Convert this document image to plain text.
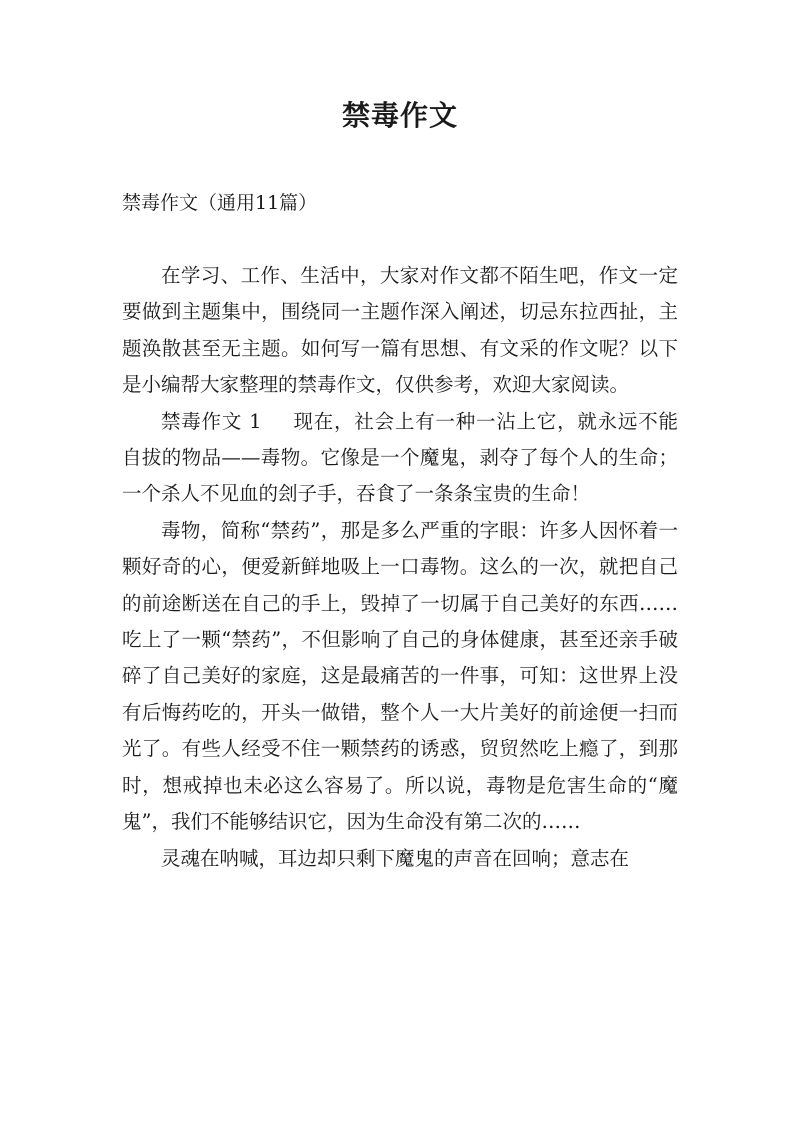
禁毒作文
禁毒作文（通用11篇）

在学习、工作、生活中，大家对作文都不陌生吧，作文一定要做到主题集中，围绕同一主题作深入阐述，切忌东拉西扯，主题涣散甚至无主题。如何写一篇有思想、有文采的作文呢？以下是小编帮大家整理的禁毒作文，仅供参考，欢迎大家阅读。

禁毒作文 1 现在，社会上有一种一沾上它，就永远不能自拔的物品——毒物。它像是一个魔鬼，剥夺了每个人的生命；一个杀人不见血的刽子手，吞食了一条条宝贵的生命！

毒物，简称“禁药”，那是多么严重的字眼：许多人因怀着一颗好奇的心，便爱新鲜地吸上一口毒物。这么的一次，就把自己的前途断送在自己的手上，毁掉了一切属于自己美好的东西……吃上了一颗“禁药”，不但影响了自己的身体健康，甚至还亲手破碎了自己美好的家庭，这是最痛苦的一件事，可知：这世界上没有后悔药吃的，开头一做错，整个人一大片美好的前途便一扫而光了。有些人经受不住一颗禁药的诱惑，贸贸然吃上瘾了，到那时，想戒掉也未必这么容易了。所以说，毒物是危害生命的“魔鬼”，我们不能够结识它，因为生命没有第二次的……

灵魂在呐喊，耳边却只剩下魔鬼的声音在回响；意志在
